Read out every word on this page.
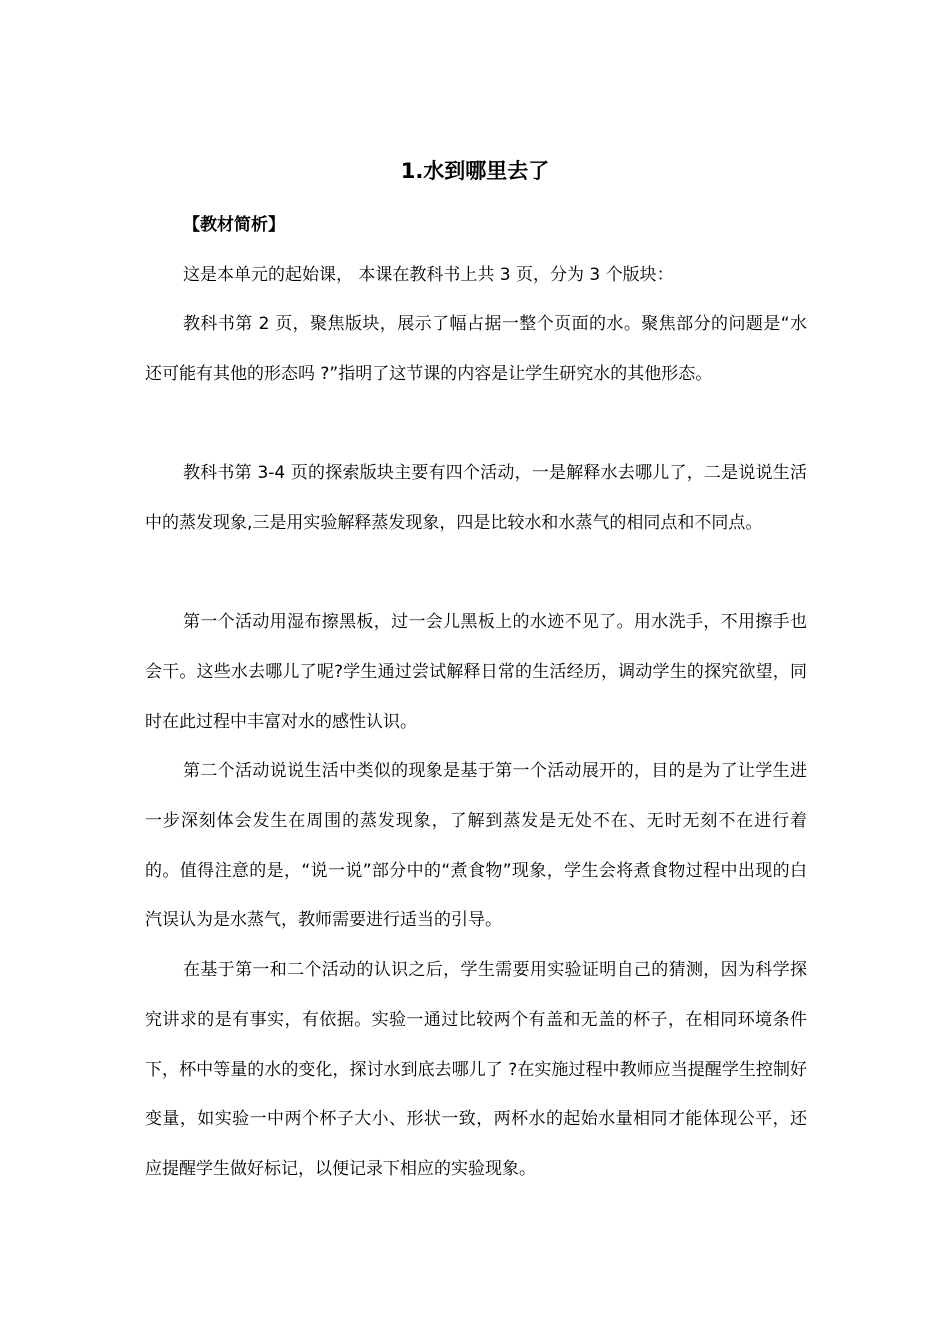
1.水到哪里去了
【教材简析】

这是本单元的起始课， 本课在教科书上共 3 页，分为 3 个版块：

教科书第 2 页，聚焦版块，展示了幅占据一整个页面的水。聚焦部分的问题是“水还可能有其他的形态吗 ?”指明了这节课的内容是让学生研究水的其他形态。

教科书第 3-4 页的探索版块主要有四个活动，一是解释水去哪儿了，二是说说生活中的蒸发现象,三是用实验解释蒸发现象，四是比较水和水蒸气的相同点和不同点。

第一个活动用湿布擦黑板，过一会儿黑板上的水迹不见了。用水洗手，不用擦手也会干。这些水去哪儿了呢?学生通过尝试解释日常的生活经历，调动学生的探究欲望，同时在此过程中丰富对水的感性认识。

第二个活动说说生活中类似的现象是基于第一个活动展开的，目的是为了让学生进一步深刻体会发生在周围的蒸发现象，了解到蒸发是无处不在、无时无刻不在进行着的。值得注意的是，“说一说”部分中的“煮食物”现象，学生会将煮食物过程中出现的白汽误认为是水蒸气，教师需要进行适当的引导。

在基于第一和二个活动的认识之后，学生需要用实验证明自己的猜测，因为科学探究讲求的是有事实，有依据。实验一通过比较两个有盖和无盖的杯子，在相同环境条件下，杯中等量的水的变化，探讨水到底去哪儿了 ?在实施过程中教师应当提醒学生控制好变量，如实验一中两个杯子大小、形状一致，两杯水的起始水量相同才能体现公平，还应提醒学生做好标记，以便记录下相应的实验现象。
